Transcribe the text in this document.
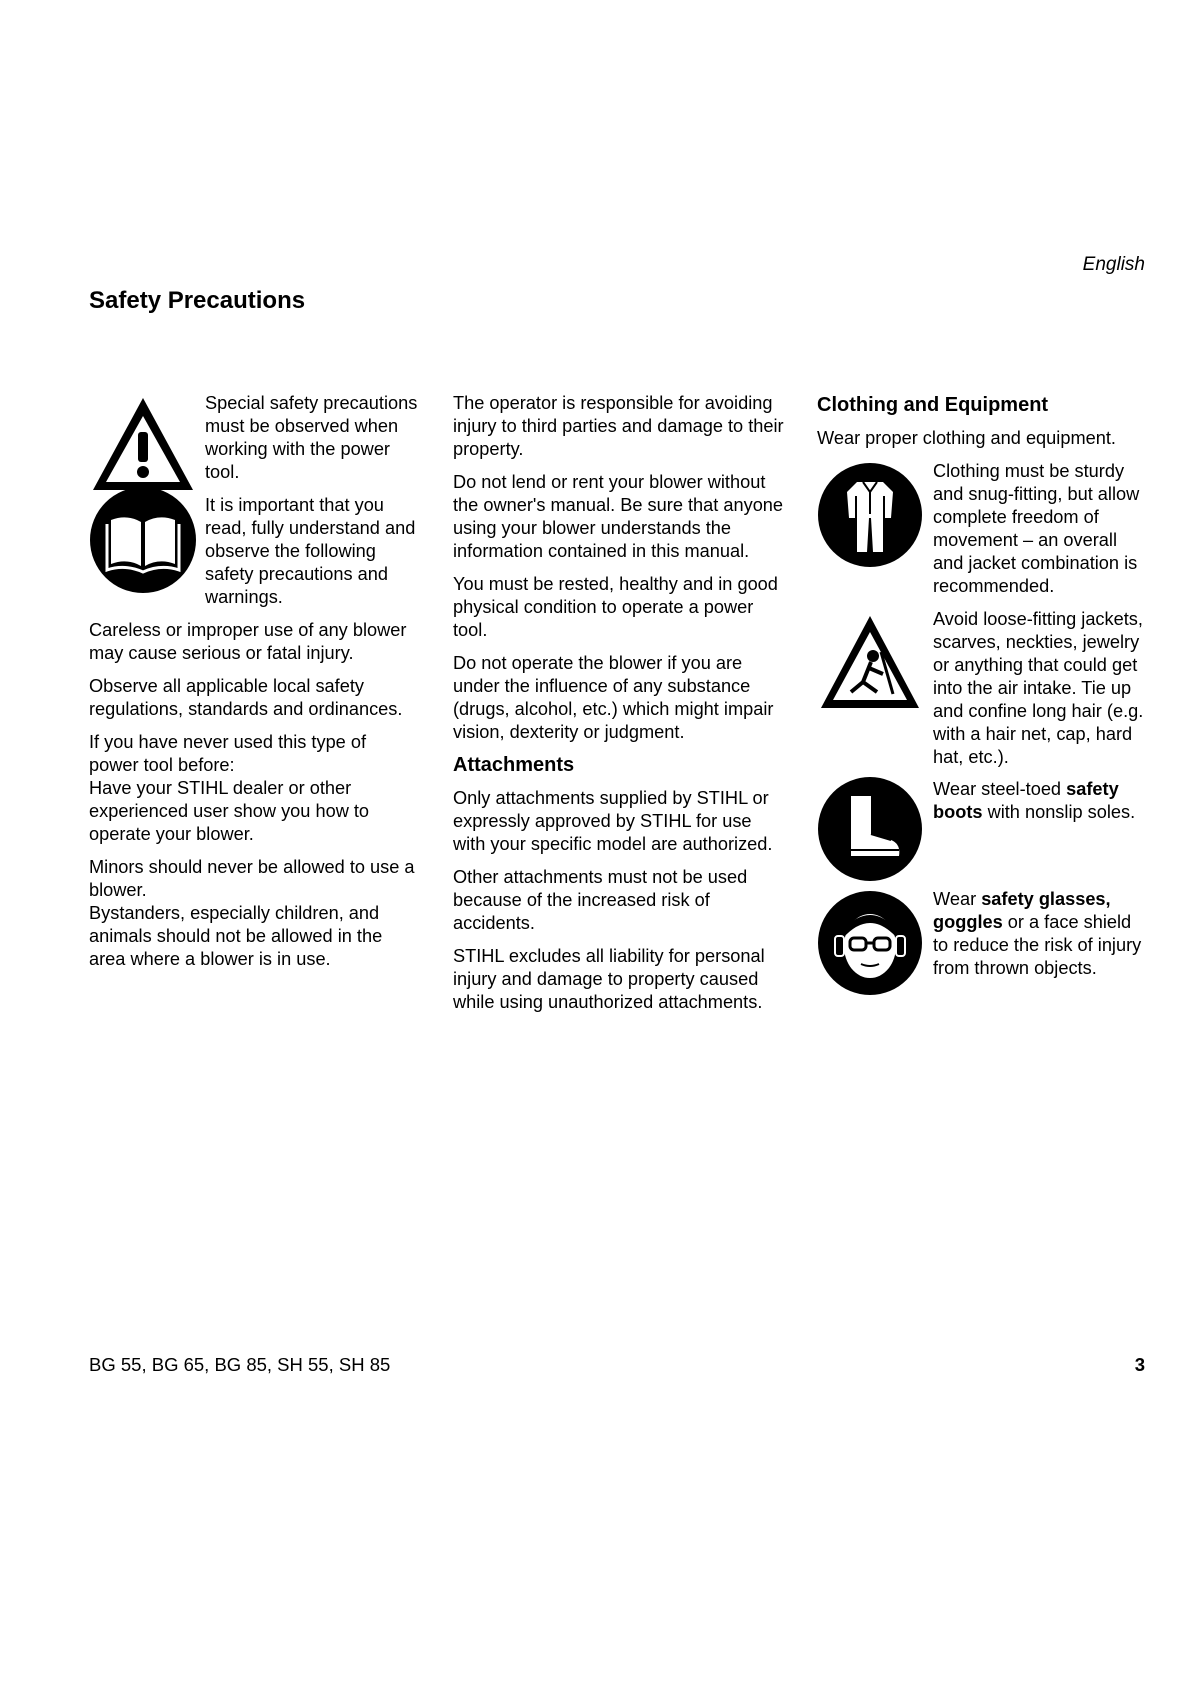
English
Safety Precautions

Special safety precautions must be observed when working with the power tool.

It is important that you read, fully understand and observe the following safety precautions and warnings.

Careless or improper use of any blower may cause serious or fatal injury.

Observe all applicable local safety regulations, standards and ordinances.

If you have never used this type of power tool before:
Have your STIHL dealer or other experienced user show you how to operate your blower.

Minors should never be allowed to use a blower.
Bystanders, especially children, and animals should not be allowed in the area where a blower is in use.

The operator is responsible for avoiding injury to third parties and damage to their property.

Do not lend or rent your blower without the owner's manual. Be sure that anyone using your blower understands the information contained in this manual.

You must be rested, healthy and in good physical condition to operate a power tool.

Do not operate the blower if you are under the influence of any substance (drugs, alcohol, etc.) which might impair vision, dexterity or judgment.

Attachments

Only attachments supplied by STIHL or expressly approved by STIHL for use with your specific model are authorized.

Other attachments must not be used because of the increased risk of accidents.

STIHL excludes all liability for personal injury and damage to property caused while using unauthorized attachments.

Clothing and Equipment

Wear proper clothing and equipment.

Clothing must be sturdy and snug-fitting, but allow complete freedom of movement – an overall and jacket combination is recommended.

Avoid loose-fitting jackets, scarves, neckties, jewelry or anything that could get into the air intake. Tie up and confine long hair (e.g. with a hair net, cap, hard hat, etc.).

Wear steel-toed safety boots with nonslip soles.

Wear safety glasses, goggles or a face shield to reduce the risk of injury from thrown objects.

BG 55, BG 65, BG 85, SH 55, SH 85	3
